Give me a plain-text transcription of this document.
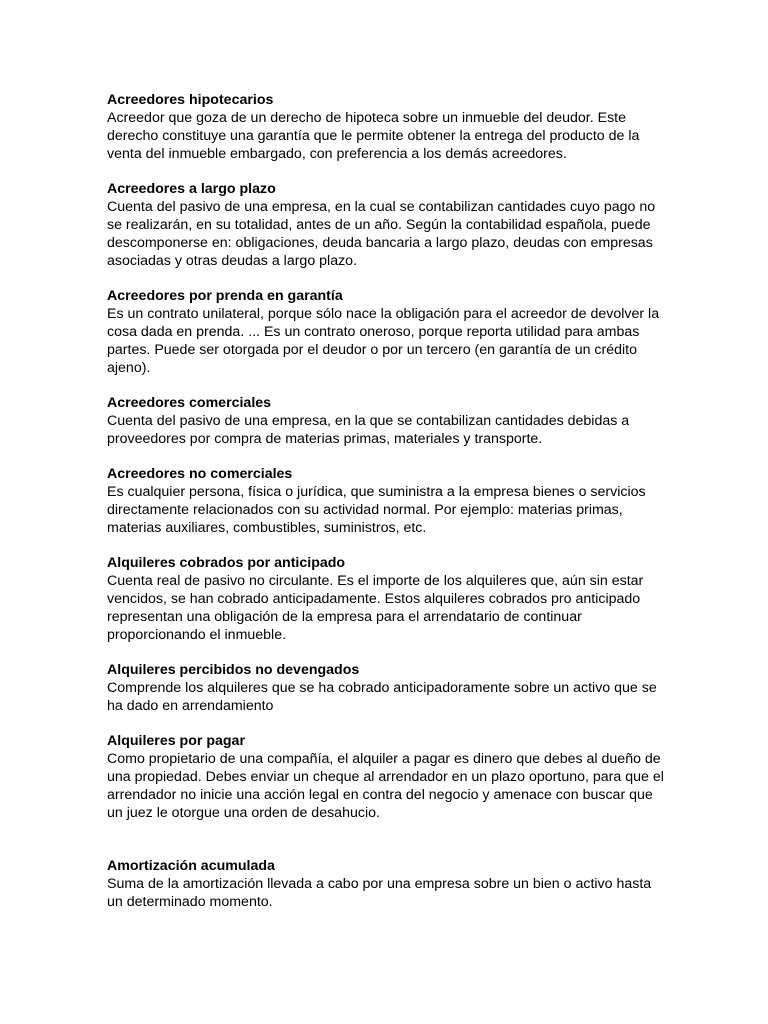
Acreedores hipotecarios

Acreedor que goza de un derecho de hipoteca sobre un inmueble del deudor. Este derecho constituye una garantía que le permite obtener la entrega del producto de la venta del inmueble embargado, con preferencia a los demás acreedores.

Acreedores a largo plazo

Cuenta del pasivo de una empresa, en la cual se contabilizan cantidades cuyo pago no se realizarán, en su totalidad, antes de un año. Según la contabilidad española, puede descomponerse en: obligaciones, deuda bancaria a largo plazo, deudas con empresas asociadas y otras deudas a largo plazo.

Acreedores por prenda en garantía

Es un contrato unilateral, porque sólo nace la obligación para el acreedor de devolver la cosa dada en prenda. ... Es un contrato oneroso, porque reporta utilidad para ambas partes. Puede ser otorgada por el deudor o por un tercero (en garantía de un crédito ajeno).

Acreedores comerciales

Cuenta del pasivo de una empresa, en la que se contabilizan cantidades debidas a proveedores por compra de materias primas, materiales y transporte.

Acreedores no comerciales

Es cualquier persona, física o jurídica, que suministra a la empresa bienes o servicios directamente relacionados con su actividad normal. Por ejemplo: materias primas, materias auxiliares, combustibles, suministros, etc.

Alquileres cobrados por anticipado

Cuenta real de pasivo no circulante. Es el importe de los alquileres que, aún sin estar vencidos, se han cobrado anticipadamente. Estos alquileres cobrados pro anticipado representan una obligación de la empresa para el arrendatario de continuar proporcionando el inmueble.

Alquileres percibidos no devengados

Comprende los alquileres que se ha cobrado anticipadoramente sobre un activo que se ha dado en arrendamiento

Alquileres por pagar

Como propietario de una compañía, el alquiler a pagar es dinero que debes al dueño de una propiedad. Debes enviar un cheque al arrendador en un plazo oportuno, para que el arrendador no inicie una acción legal en contra del negocio y amenace con buscar que un juez le otorgue una orden de desahucio.

Amortización acumulada

Suma de la amortización llevada a cabo por una empresa sobre un bien o activo hasta un determinado momento.
